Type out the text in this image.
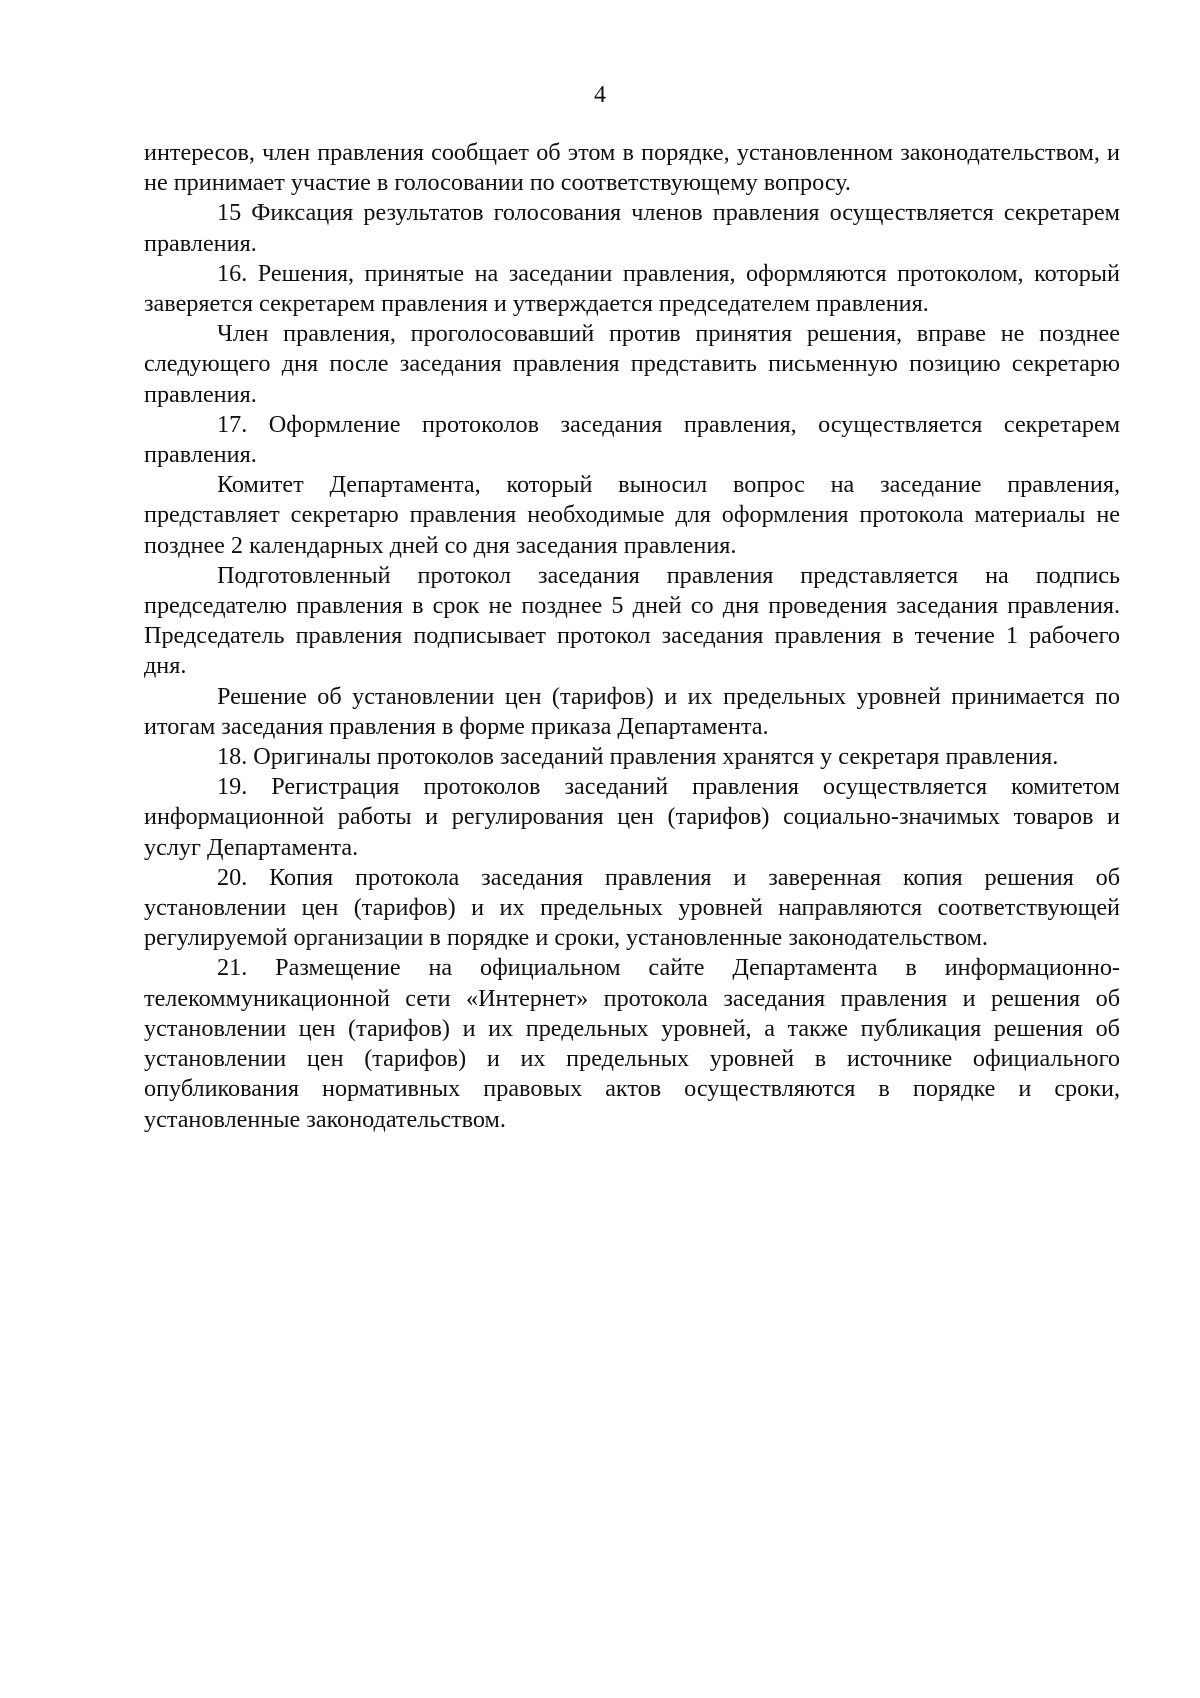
4

интересов, член правления сообщает об этом в порядке, установленном законодательством, и не принимает участие в голосовании по соответствующему вопросу.

15 Фиксация результатов голосования членов правления осуществляется секретарем правления.

16. Решения, принятые на заседании правления, оформляются протоколом, который заверяется секретарем правления и утверждается председателем правления.

Член правления, проголосовавший против принятия решения, вправе не позднее следующего дня после заседания правления представить письменную позицию секретарю правления.

17. Оформление протоколов заседания правления, осуществляется секретарем правления.

Комитет Департамента, который выносил вопрос на заседание правления, представляет секретарю правления необходимые для оформления протокола материалы не позднее 2 календарных дней со дня заседания правления.

Подготовленный протокол заседания правления представляется на подпись председателю правления в срок не позднее 5 дней со дня проведения заседания правления. Председатель правления подписывает протокол заседания правления в течение 1 рабочего дня.

Решение об установлении цен (тарифов) и их предельных уровней принимается по итогам заседания правления в форме приказа Департамента.

18. Оригиналы протоколов заседаний правления хранятся у секретаря правления.

19. Регистрация протоколов заседаний правления осуществляется комитетом информационной работы и регулирования цен (тарифов) социально-значимых товаров и услуг Департамента.

20. Копия протокола заседания правления и заверенная копия решения об установлении цен (тарифов) и их предельных уровней направляются соответствующей регулируемой организации в порядке и сроки, установленные законодательством.

21. Размещение на официальном сайте Департамента в информационно-телекоммуникационной сети «Интернет» протокола заседания правления и решения об установлении цен (тарифов) и их предельных уровней, а также публикация решения об установлении цен (тарифов) и их предельных уровней в источнике официального опубликования нормативных правовых актов осуществляются в порядке и сроки, установленные законодательством.
